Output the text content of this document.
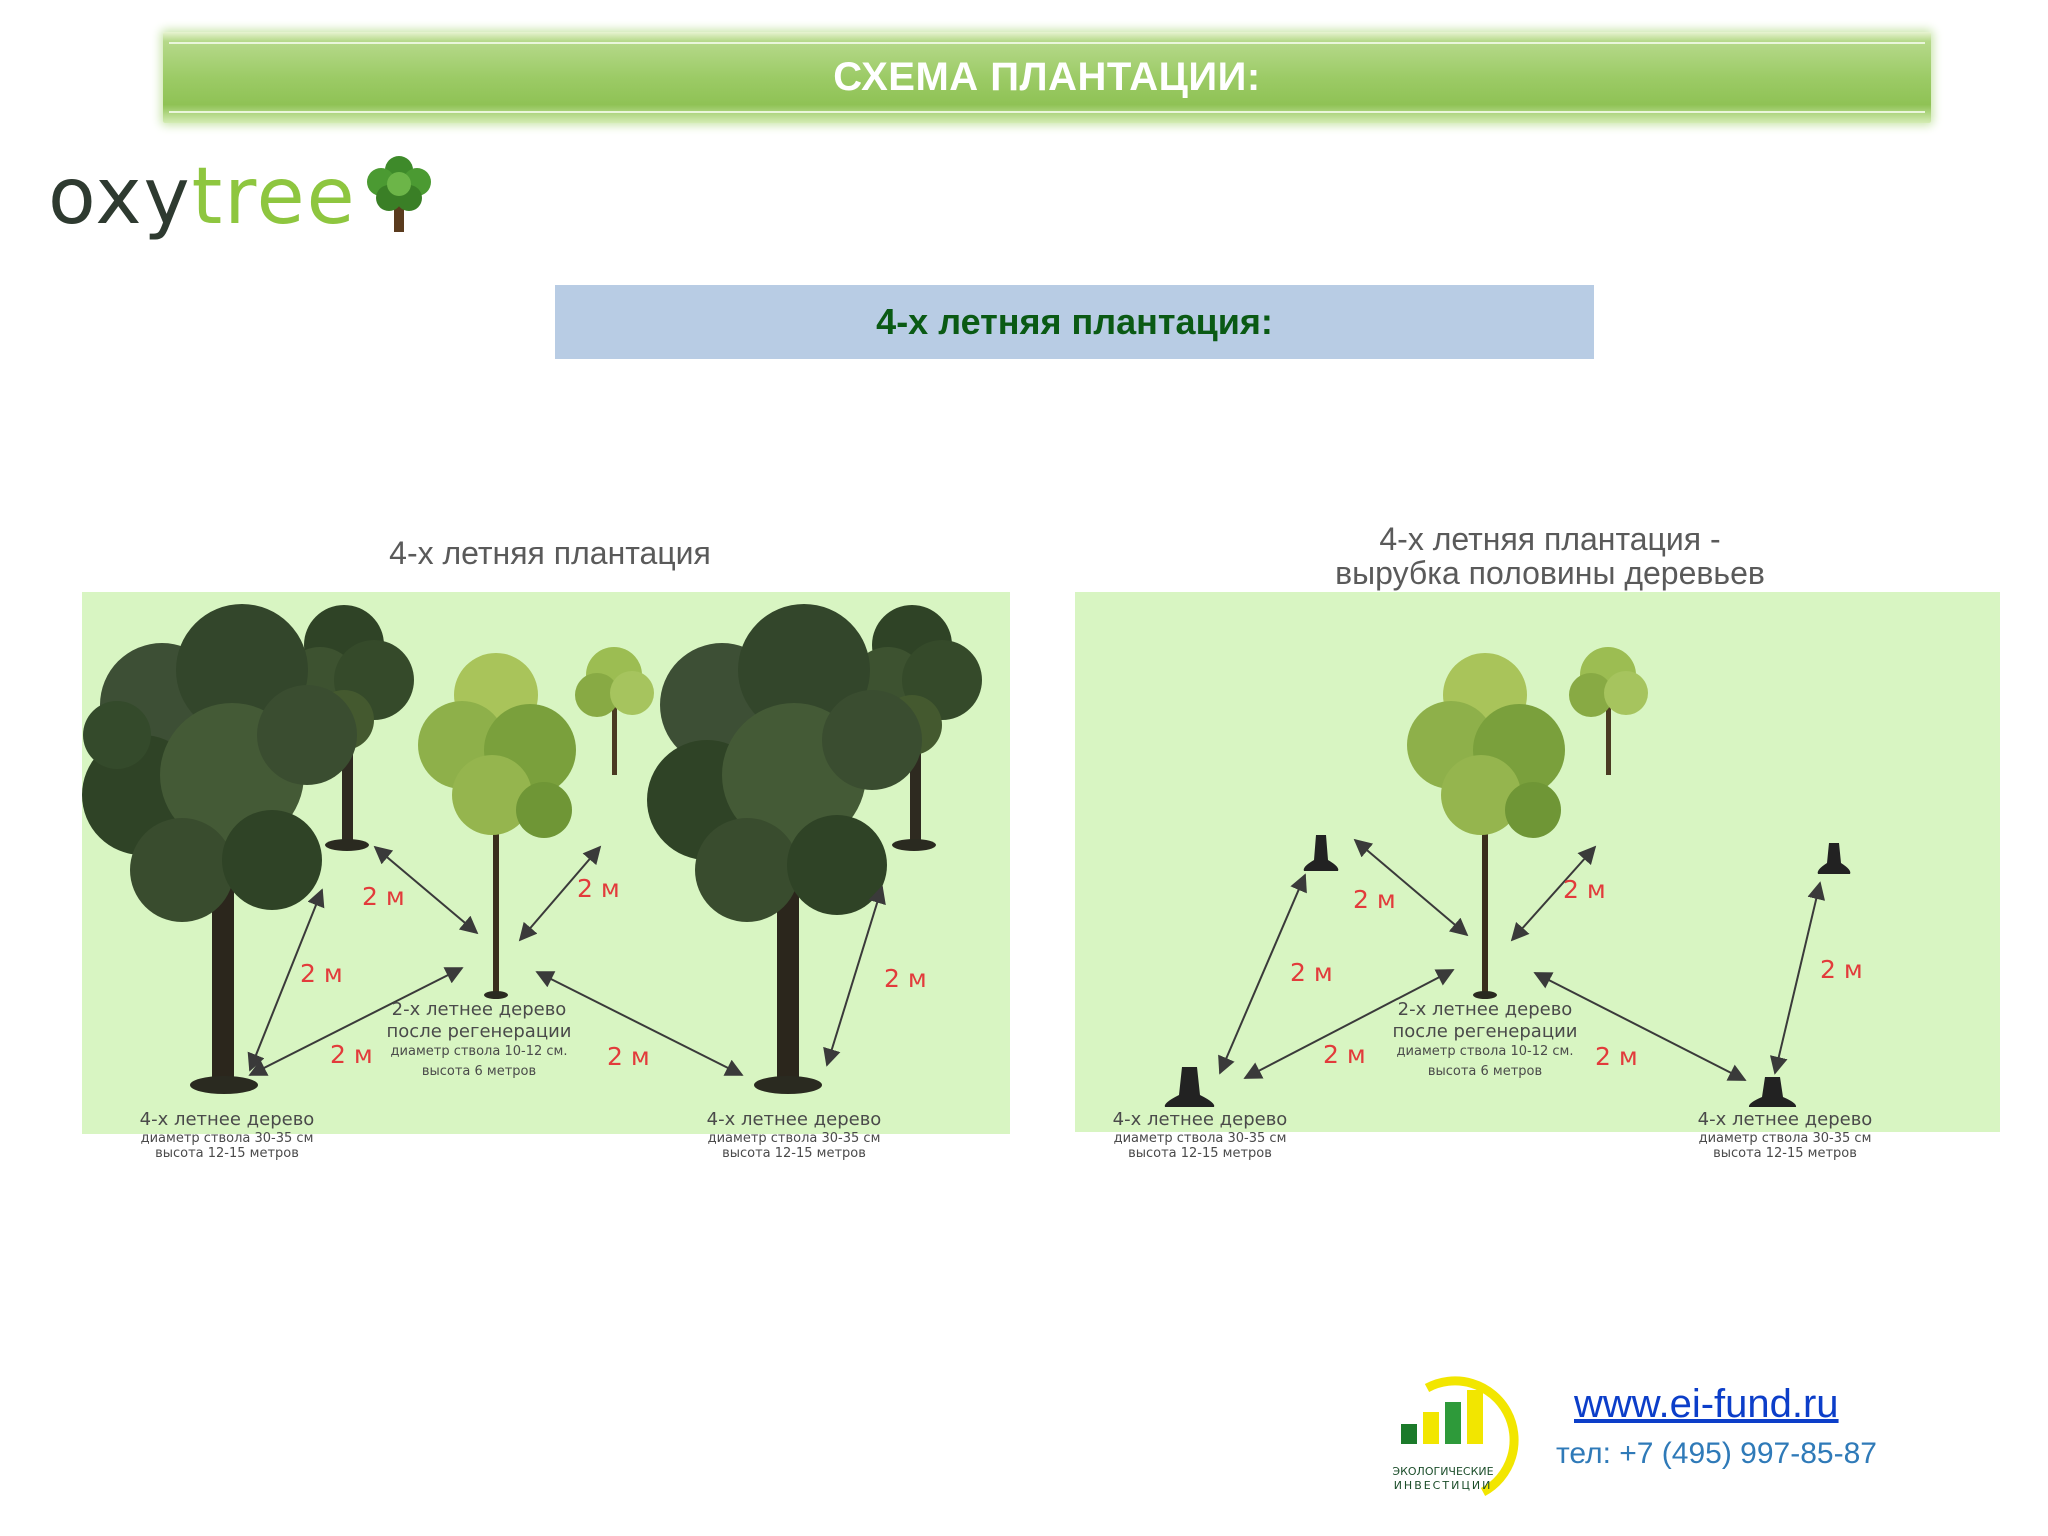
СХЕМА ПЛАНТАЦИИ:
oxy tree
4-х летняя плантация:
4-х летняя плантация
2 м	2 м
2 м	2 м
2 м	2 м
2-х летнее дерево
после регенерации
диаметр ствола 10-12 см.
высота 6 метров
4-х летнее дерево
диаметр ствола 30-35 см
высота 12-15 метров
4-х летнее дерево
диаметр ствола 30-35 см
высота 12-15 метров
4-х летняя плантация -
вырубка половины деревьев
2 м	2 м
2 м	2 м
2 м	2 м
2-х летнее дерево
после регенерации
диаметр ствола 10-12 см.
высота 6 метров
4-х летнее дерево
диаметр ствола 30-35 см
высота 12-15 метров
4-х летнее дерево
диаметр ствола 30-35 см
высота 12-15 метров
ЭКОЛОГИЧЕСКИЕ
ИНВЕСТИЦИИ
www.ei-fund.ru
тел: +7 (495) 997-85-87
